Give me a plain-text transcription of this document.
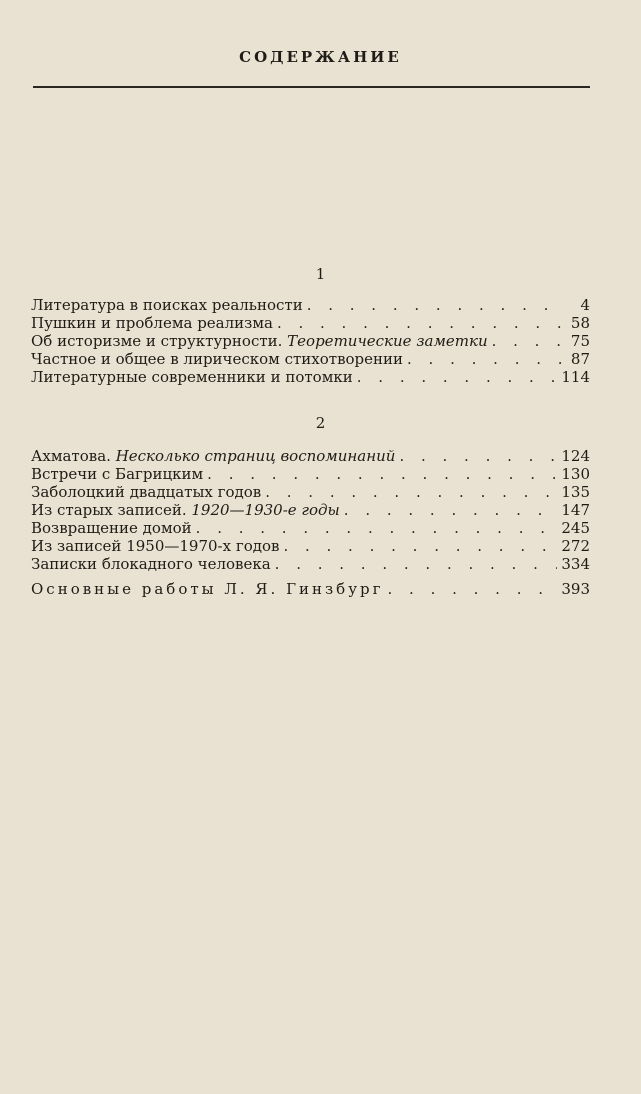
СОДЕРЖАНИЕ
1
Литература в поисках реальности . . .	4
Пушкин и проблема реализма . . .	58
Об историзме и структурности. Теоретические заметки . . .	75
Частное и общее в лирическом стихотворении . . .	87
Литературные современники и потомки . . .	114
2
Ахматова. Несколько страниц воспоминаний . . .	124
Встречи с Багрицким . . .	130
Заболоцкий двадцатых годов . . .	135
Из старых записей. 1920—1930-е годы . . .	147
Возвращение домой . . .	245
Из записей 1950—1970-х годов . . .	272
Записки блокадного человека . . .	334
Основные работы Л. Я. Гинзбург . . .	393
